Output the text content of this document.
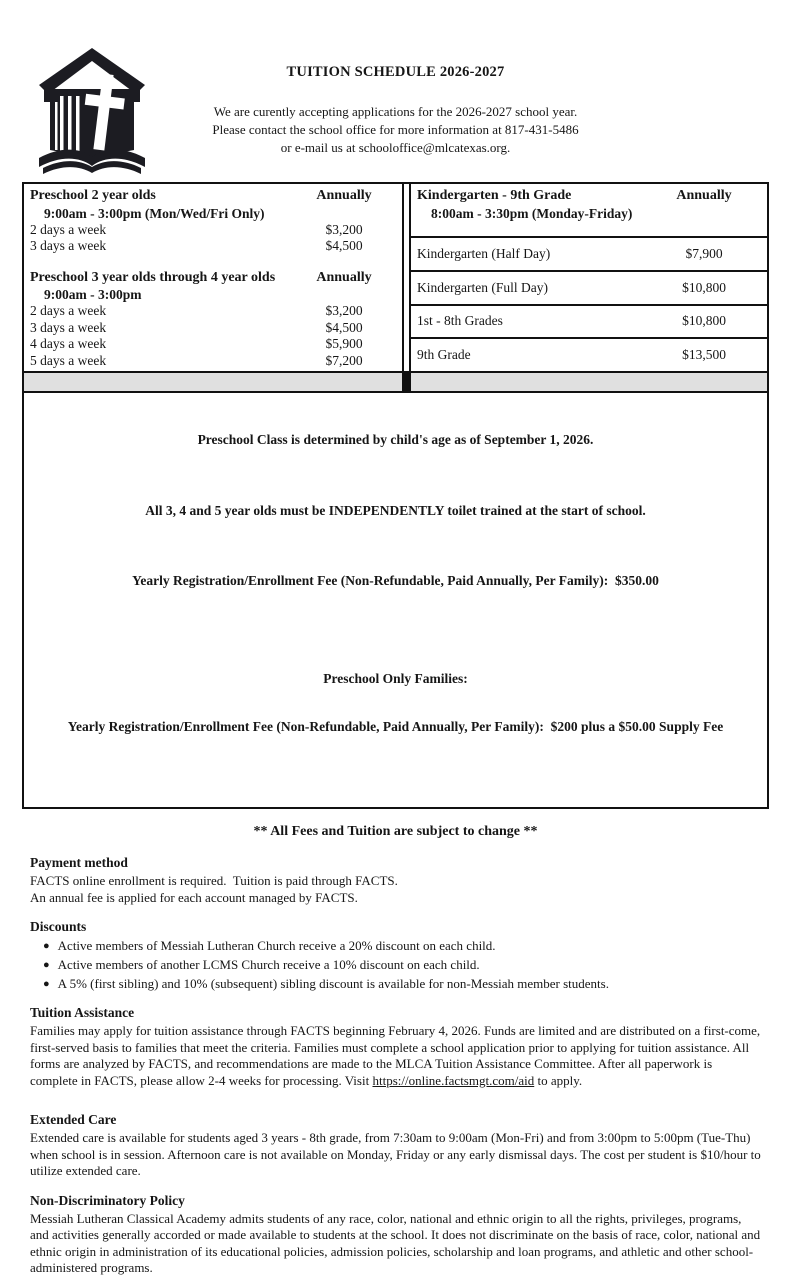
TUITION SCHEDULE 2026-2027
We are curently accepting applications for the 2026-2027 school year.
Please contact the school office for more information at 817-431-5486
or e-mail us at schooloffice@mlcatexas.org.
Preschool 2 year olds	Annually
9:00am - 3:00pm (Mon/Wed/Fri Only)
2 days a week	$3,200
3 days a week	$4,500
Preschool 3 year olds through 4 year olds	Annually
9:00am - 3:00pm
2 days a week	$3,200
3 days a week	$4,500
4 days a week	$5,900
5 days a week	$7,200
Kindergarten - 9th Grade	Annually
8:00am - 3:30pm (Monday-Friday)
Kindergarten (Half Day)	$7,900
Kindergarten (Full Day)	$10,800
1st - 8th Grades	$10,800
9th Grade	$13,500

Preschool Class is determined by child's age as of September 1, 2026.

All 3, 4 and 5 year olds must be INDEPENDENTLY toilet trained at the start of school.

Yearly Registration/Enrollment Fee (Non-Refundable, Paid Annually, Per Family):  $350.00

Preschool Only Families:

Yearly Registration/Enrollment Fee (Non-Refundable, Paid Annually, Per Family):  $200 plus a $50.00 Supply Fee

** All Fees and Tuition are subject to change **
Payment method
FACTS online enrollment is required.  Tuition is paid through FACTS.
An annual fee is applied for each account managed by FACTS.
Discounts
● Active members of Messiah Lutheran Church receive a 20% discount on each child.
● Active members of another LCMS Church receive a 10% discount on each child.
● A 5% (first sibling) and 10% (subsequent) sibling discount is available for non-Messiah member students.
Tuition Assistance

Families may apply for tuition assistance through FACTS beginning February 4, 2026. Funds are limited and are distributed on a first-come, first-served basis to families that meet the criteria. Families must complete a school application prior to applying for tuition assistance. All forms are analyzed by FACTS, and recommendations are made to the MLCA Tuition Assistance Committee. After all paperwork is complete in FACTS, please allow 2-4 weeks for processing. Visit https://online.factsmgt.com/aid to apply.

Extended Care

Extended care is available for students aged 3 years - 8th grade, from 7:30am to 9:00am (Mon-Fri) and from 3:00pm to 5:00pm (Tue-Thu) when school is in session. Afternoon care is not available on Monday, Friday or any early dismissal days. The cost per student is $10/hour to utilize extended care.

Non-Discriminatory Policy

Messiah Lutheran Classical Academy admits students of any race, color, national and ethnic origin to all the rights, privileges, programs, and activities generally accorded or made available to students at the school. It does not discriminate on the basis of race, color, national and ethnic origin in administration of its educational policies, admission policies, scholarship and loan programs, and athletic and other school-administered programs.
